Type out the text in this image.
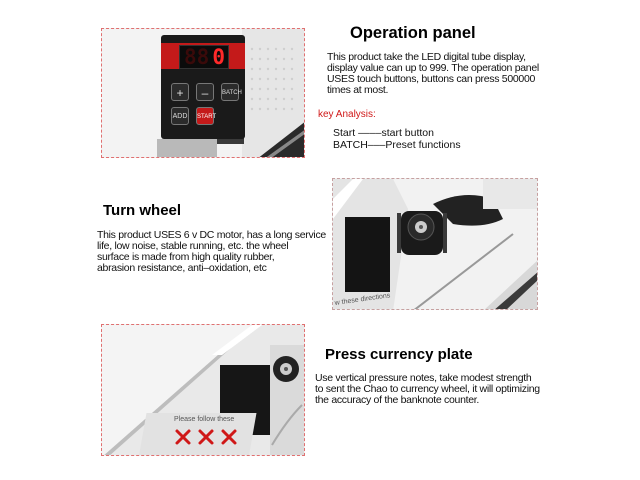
0
88
+	–	BATCH
ADD START
Operation panel

This product take the LED digital tube display,
display value can up to 999. The operation panel
USES touch buttons, buttons can press 500000
times at most.

key Analysis:

Start ––––start button

BATCH–––Preset functions

Turn wheel

This product USES 6 v DC motor, has a long service
life, low noise, stable running, etc. the wheel
surface is made from high quality rubber,
abrasion resistance, anti–oxidation, etc

w these directions
Please follow these
Press currency plate

Use vertical pressure notes, take modest strength
to sent the Chao to currency wheel, it will optimizing
the accuracy of the banknote counter.
